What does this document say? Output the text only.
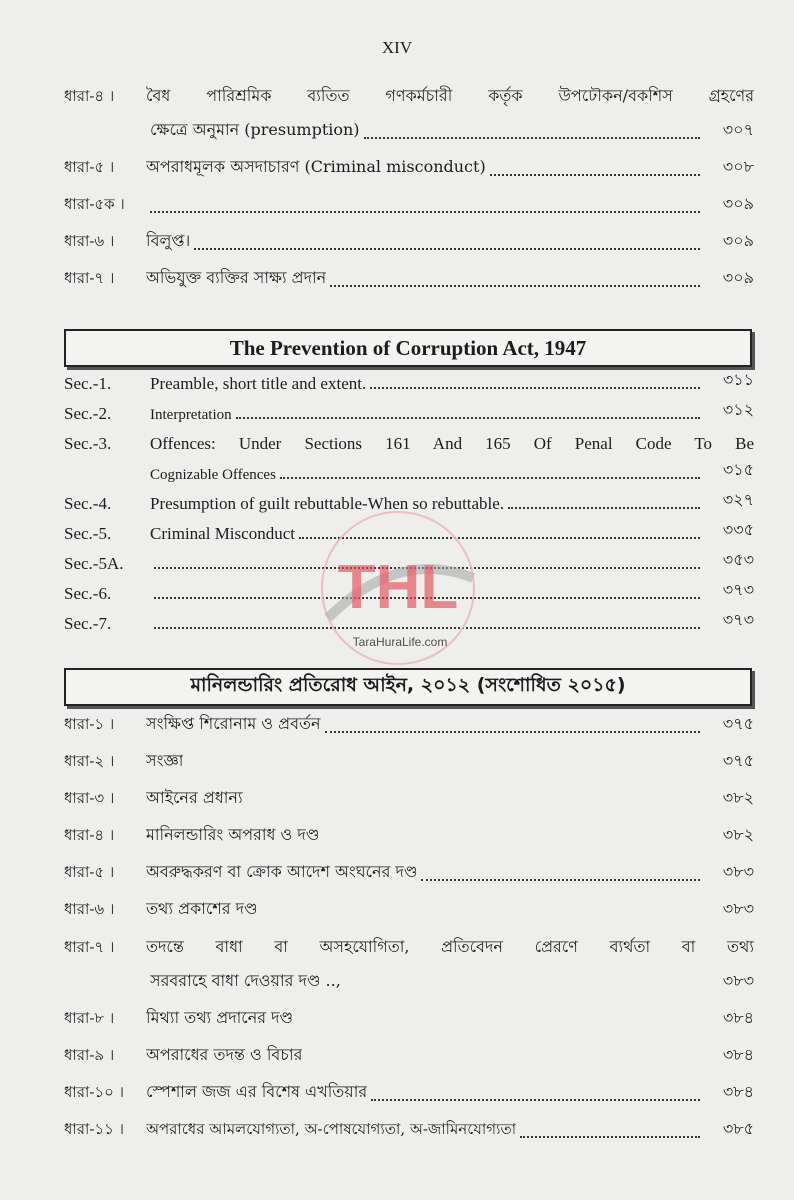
XIV
ধারা-৪ ।	বৈধ পারিশ্রমিক ব্যতিত গণকর্মচারী কর্তৃক উপঢৌকন/বকশিস গ্রহণের
ক্ষেত্রে অনুমান (presumption)	৩০৭
ধারা-৫ ।	অপরাধমূলক অসদাচারণ (Criminal misconduct)	৩০৮
ধারা-৫ক ।	৩০৯
ধারা-৬ ।	বিলুপ্ত।	৩০৯
ধারা-৭ ।	অভিযুক্ত ব্যক্তির সাক্ষ্য প্রদান	৩০৯
The Prevention of Corruption Act, 1947
Sec.-1.	Preamble, short title and extent.	৩১১
Sec.-2.	Interpretation	৩১২
Sec.-3.	Offences: Under Sections 161 And 165 Of Penal Code To Be
Cognizable Offences	৩১৫
Sec.-4.	Presumption of guilt rebuttable-When so rebuttable.	৩২৭
Sec.-5.	Criminal Misconduct	৩৩৫
Sec.-5A.	৩৫৩
Sec.-6.	৩৭৩
Sec.-7.	৩৭৩
মানিলন্ডারিং প্রতিরোধ আইন, ২০১২ (সংশোধিত ২০১৫)
ধারা-১ ।	সংক্ষিপ্ত শিরোনাম ও প্রবর্তন	৩৭৫
ধারা-২ ।	সংজ্ঞা	৩৭৫
ধারা-৩ ।	আইনের প্রধান্য	৩৮২
ধারা-৪ ।	মানিলন্ডারিং অপরাধ ও দণ্ড	৩৮২
ধারা-৫ ।	অবরুদ্ধকরণ বা ক্রোক আদেশ অংঘনের দণ্ড	৩৮৩
ধারা-৬ ।	তথ্য প্রকাশের দণ্ড	৩৮৩
ধারা-৭ ।	তদন্তে বাধা বা অসহযোগিতা, প্রতিবেদন প্রেরণে ব্যর্থতা বা তথ্য
সরবরাহে বাধা দেওয়ার দণ্ড ..,	৩৮৩
ধারা-৮ ।	মিথ্যা তথ্য প্রদানের দণ্ড	৩৮৪
ধারা-৯ ।	অপরাধের তদন্ত ও বিচার	৩৮৪
ধারা-১০ ।	স্পেশাল জজ এর বিশেষ এখতিয়ার	৩৮৪
ধারা-১১ ।	অপরাধের আমলযোগ্যতা, অ-পোষযোগ্যতা, অ-জামিনযোগ্যতা	৩৮৫
THL
TaraHuraLife.com
